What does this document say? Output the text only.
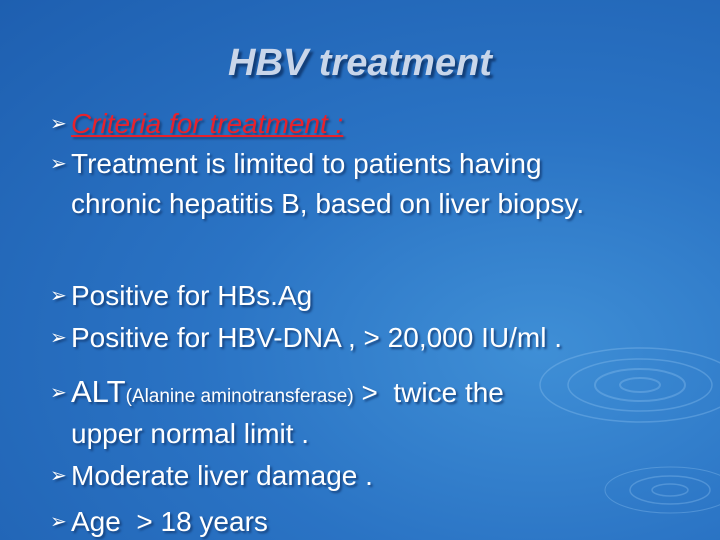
HBV treatment
➢ Criteria for treatment :
➢ Treatment is limited to patients having
chronic hepatitis B, based on liver biopsy.
➢ Positive for HBs.Ag
➢ Positive for HBV-DNA , > 20,000 IU/ml .
➢ ALT(Alanine aminotransferase) >  twice the
upper normal limit .
➢ Moderate liver damage .
➢ Age  > 18 years
